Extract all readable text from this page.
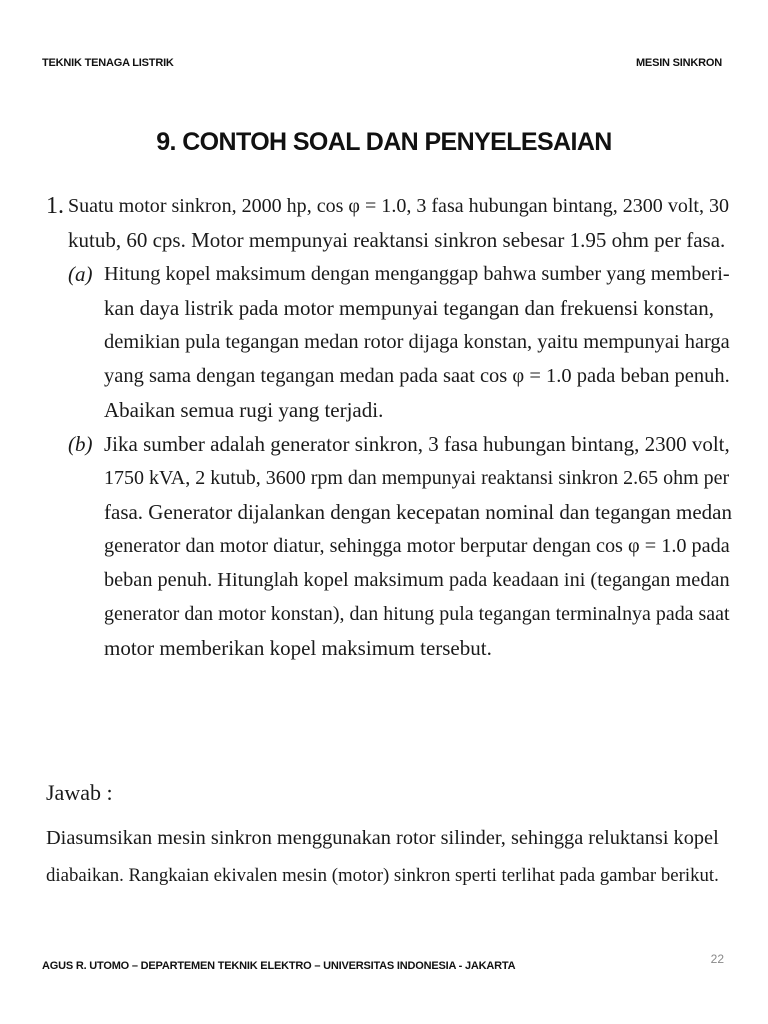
TEKNIK TENAGA LISTRIK	MESIN SINKRON
9. CONTOH SOAL DAN PENYELESAIAN
1. Suatu motor sinkron, 2000 hp, cos φ = 1.0, 3 fasa hubungan bintang, 2300 volt, 30
kutub, 60 cps. Motor mempunyai reaktansi sinkron sebesar 1.95 ohm per fasa.
(a) Hitung kopel maksimum dengan menganggap bahwa sumber yang memberi-
kan daya listrik pada motor mempunyai tegangan dan frekuensi konstan,
demikian pula tegangan medan rotor dijaga konstan, yaitu mempunyai harga
yang sama dengan tegangan medan pada saat cos φ = 1.0 pada beban penuh.
Abaikan semua rugi yang terjadi.
(b) Jika sumber adalah generator sinkron, 3 fasa hubungan bintang, 2300 volt,
1750 kVA, 2 kutub, 3600 rpm dan mempunyai reaktansi sinkron 2.65 ohm per
fasa. Generator dijalankan dengan kecepatan nominal dan tegangan medan
generator dan motor diatur, sehingga motor berputar dengan cos φ = 1.0 pada
beban penuh. Hitunglah kopel maksimum pada keadaan ini (tegangan medan
generator dan motor konstan), dan hitung pula tegangan terminalnya pada saat
motor memberikan kopel maksimum tersebut.
Jawab :
Diasumsikan mesin sinkron menggunakan rotor silinder, sehingga reluktansi kopel
diabaikan. Rangkaian ekivalen mesin (motor) sinkron sperti terlihat pada gambar berikut.
AGUS R. UTOMO – DEPARTEMEN TEKNIK ELEKTRO – UNIVERSITAS INDONESIA - JAKARTA	22
